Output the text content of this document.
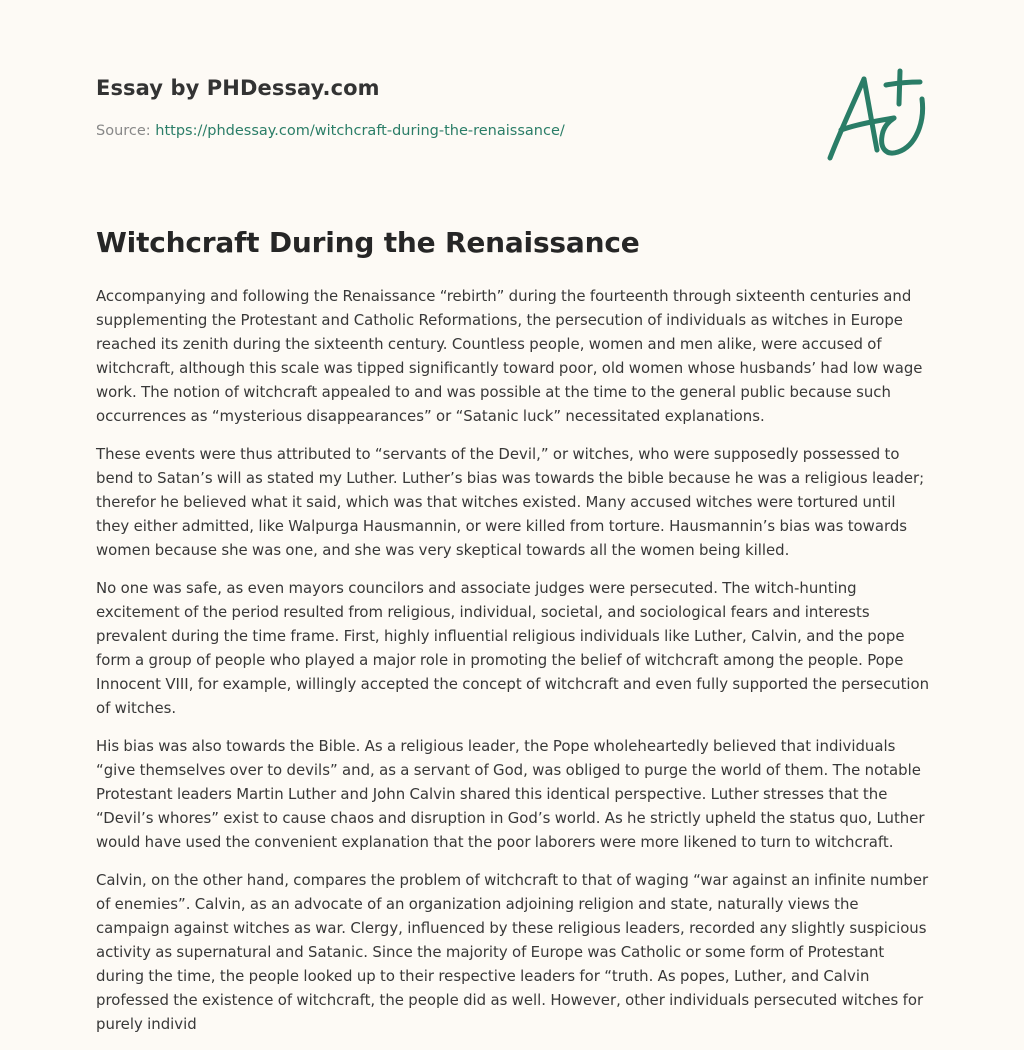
Essay by PHDessay.com
Source: https://phdessay.com/witchcraft-during-the-renaissance/
Witchcraft During the Renaissance

Accompanying and following the Renaissance “rebirth” during the fourteenth through sixteenth centuries and supplementing the Protestant and Catholic Reformations, the persecution of individuals as witches in Europe reached its zenith during the sixteenth century. Countless people, women and men alike, were accused of witchcraft, although this scale was tipped significantly toward poor, old women whose husbands’ had low wage work. The notion of witchcraft appealed to and was possible at the time to the general public because such occurrences as “mysterious disappearances” or “Satanic luck” necessitated explanations.

These events were thus attributed to “servants of the Devil,” or witches, who were supposedly possessed to bend to Satan’s will as stated my Luther. Luther’s bias was towards the bible because he was a religious leader; therefor he believed what it said, which was that witches existed. Many accused witches were tortured until they either admitted, like Walpurga Hausmannin, or were killed from torture. Hausmannin’s bias was towards women because she was one, and she was very skeptical towards all the women being killed.

No one was safe, as even mayors councilors and associate judges were persecuted. The witch-hunting excitement of the period resulted from religious, individual, societal, and sociological fears and interests prevalent during the time frame. First, highly influential religious individuals like Luther, Calvin, and the pope form a group of people who played a major role in promoting the belief of witchcraft among the people. Pope Innocent VIII, for example, willingly accepted the concept of witchcraft and even fully supported the persecution of witches.

His bias was also towards the Bible. As a religious leader, the Pope wholeheartedly believed that individuals “give themselves over to devils” and, as a servant of God, was obliged to purge the world of them. The notable Protestant leaders Martin Luther and John Calvin shared this identical perspective. Luther stresses that the “Devil’s whores” exist to cause chaos and disruption in God’s world. As he strictly upheld the status quo, Luther would have used the convenient explanation that the poor laborers were more likened to turn to witchcraft.

Calvin, on the other hand, compares the problem of witchcraft to that of waging “war against an infinite number of enemies”. Calvin, as an advocate of an organization adjoining religion and state, naturally views the campaign against witches as war. Clergy, influenced by these religious leaders, recorded any slightly suspicious activity as supernatural and Satanic. Since the majority of Europe was Catholic or some form of Protestant during the time, the people looked up to their respective leaders for “truth. As popes, Luther, and Calvin professed the existence of witchcraft, the people did as well. However, other individuals persecuted witches for purely individ
